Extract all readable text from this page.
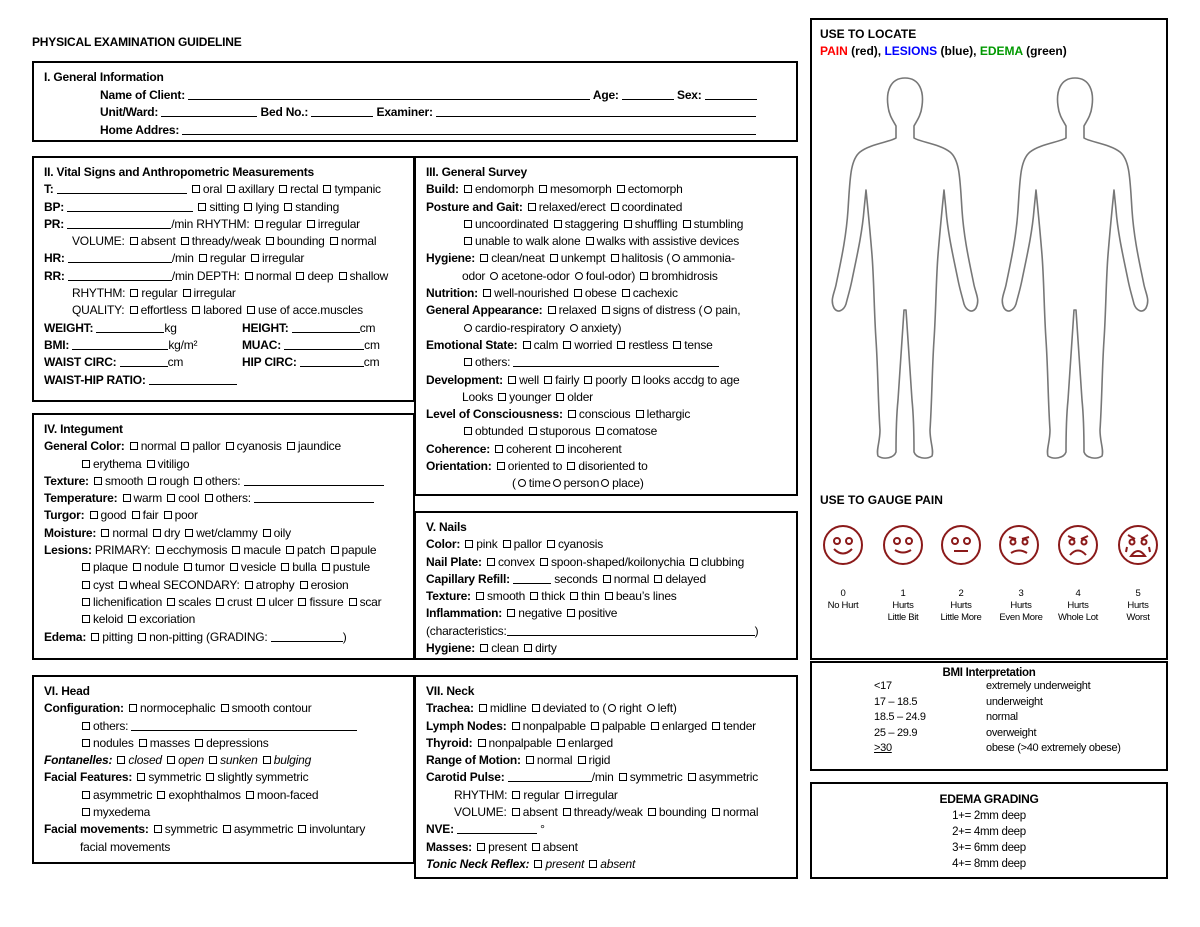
PHYSICAL EXAMINATION GUIDELINE
I. General Information
Name of Client:	Age:	Sex:
Unit/Ward:	Bed No.:	Examiner:
Home Addres:
II. Vital Signs and Anthropometric Measurements
T:	oral axillary rectal tympanic
BP:	sitting lying standing
PR:	/min RHYTHM: regular irregular
VOLUME: absent thready/weak bounding normal
HR:	/min regular irregular
RR:	/min DEPTH: normal deep shallow
RHYTHM: regular irregular
QUALITY: effortless labored use of acce.muscles
WEIGHT:	kg	HEIGHT:	cm
BMI:	kg/m²	MUAC:	cm
WAIST CIRC:	cm	HIP CIRC:	cm
WAIST-HIP RATIO:
III. General Survey
Build: endomorph mesomorph ectomorph
Posture and Gait: relaxed/erect coordinated
uncoordinated staggering shuffling stumbling
unable to walk alone walks with assistive devices
Hygiene: clean/neat unkempt halitosis ( ammonia-
odor acetone-odor foul-odor) bromhidrosis
Nutrition: well-nourished obese cachexic
General Appearance: relaxed signs of distress ( pain,
cardio-respiratory anxiety)
Emotional State: calm worried restless tense
others:
Development: well fairly poorly looks accdg to age
Looks younger older
Level of Consciousness: conscious lethargic
obtunded stuporous comatose
Coherence: coherent incoherent
Orientation: oriented to disoriented to
( time person place)
IV. Integument
General Color: normal pallor cyanosis jaundice
erythema vitiligo
Texture: smooth rough others:
Temperature: warm cool others:
Turgor: good fair poor
Moisture: normal dry wet/clammy oily
Lesions: PRIMARY: ecchymosis macule patch papule
plaque nodule tumor vesicle bulla pustule
cyst wheal SECONDARY: atrophy erosion
lichenification scales crust ulcer fissure scar
keloid excoriation
Edema: pitting non-pitting (GRADING:	)
V. Nails
Color: pink pallor cyanosis
Nail Plate: convex spoon-shaped/koilonychia clubbing
Capillary Refill:	seconds normal delayed
Texture: smooth thick thin beau’s lines
Inflammation: negative positive
(characteristics:	)
Hygiene: clean dirty
VI. Head
Configuration: normocephalic smooth contour
others:
nodules masses depressions
Fontanelles: closed open sunken bulging
Facial Features: symmetric slightly symmetric
asymmetric exophthalmos moon-faced
myxedema
Facial movements: symmetric asymmetric involuntary
facial movements
VII. Neck
Trachea: midline deviated to ( right left)
Lymph Nodes: nonpalpable palpable enlarged tender
Thyroid: nonpalpable enlarged
Range of Motion: normal rigid
Carotid Pulse:	/min symmetric asymmetric
RHYTHM: regular irregular
VOLUME: absent thready/weak bounding normal
NVE:	°
Masses: present absent
Tonic Neck Reflex: present absent
USE TO LOCATE
PAIN (red), LESIONS (blue), EDEMA (green)
USE TO GAUGE PAIN
0
No Hurt
1
Hurts
Little Bit
2
Hurts
Little More
3
Hurts
Even More
4
Hurts
Whole Lot
5
Hurts
Worst
BMI Interpretation
<17	extremely underweight
17 – 18.5	underweight
18.5 – 24.9	normal
25 – 29.9	overweight
>30	obese (>40 extremely obese)
EDEMA GRADING
1+= 2mm deep
2+= 4mm deep
3+= 6mm deep
4+= 8mm deep
